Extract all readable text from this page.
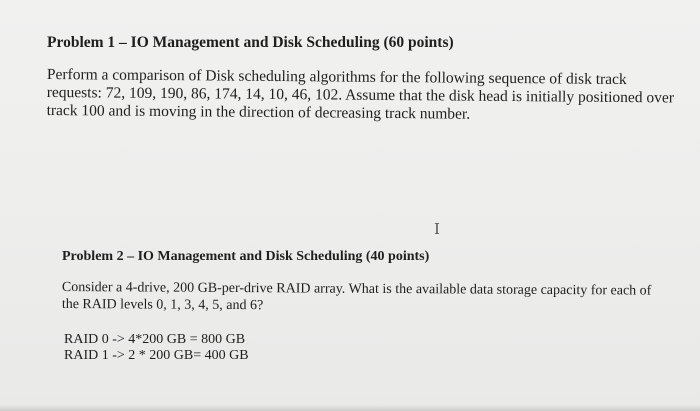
Problem 1 – IO Management and Disk Scheduling (60 points)
Perform a comparison of Disk scheduling algorithms for the following sequence of disk track requests: 72, 109, 190, 86, 174, 14, 10, 46, 102. Assume that the disk head is initially positioned over track 100 and is moving in the direction of decreasing track number.
I
Problem 2 – IO Management and Disk Scheduling (40 points)
Consider a 4-drive, 200 GB-per-drive RAID array. What is the available data storage capacity for each of the RAID levels 0, 1, 3, 4, 5, and 6?
RAID 0 -> 4*200 GB = 800 GB
RAID 1 -> 2 * 200 GB= 400 GB
